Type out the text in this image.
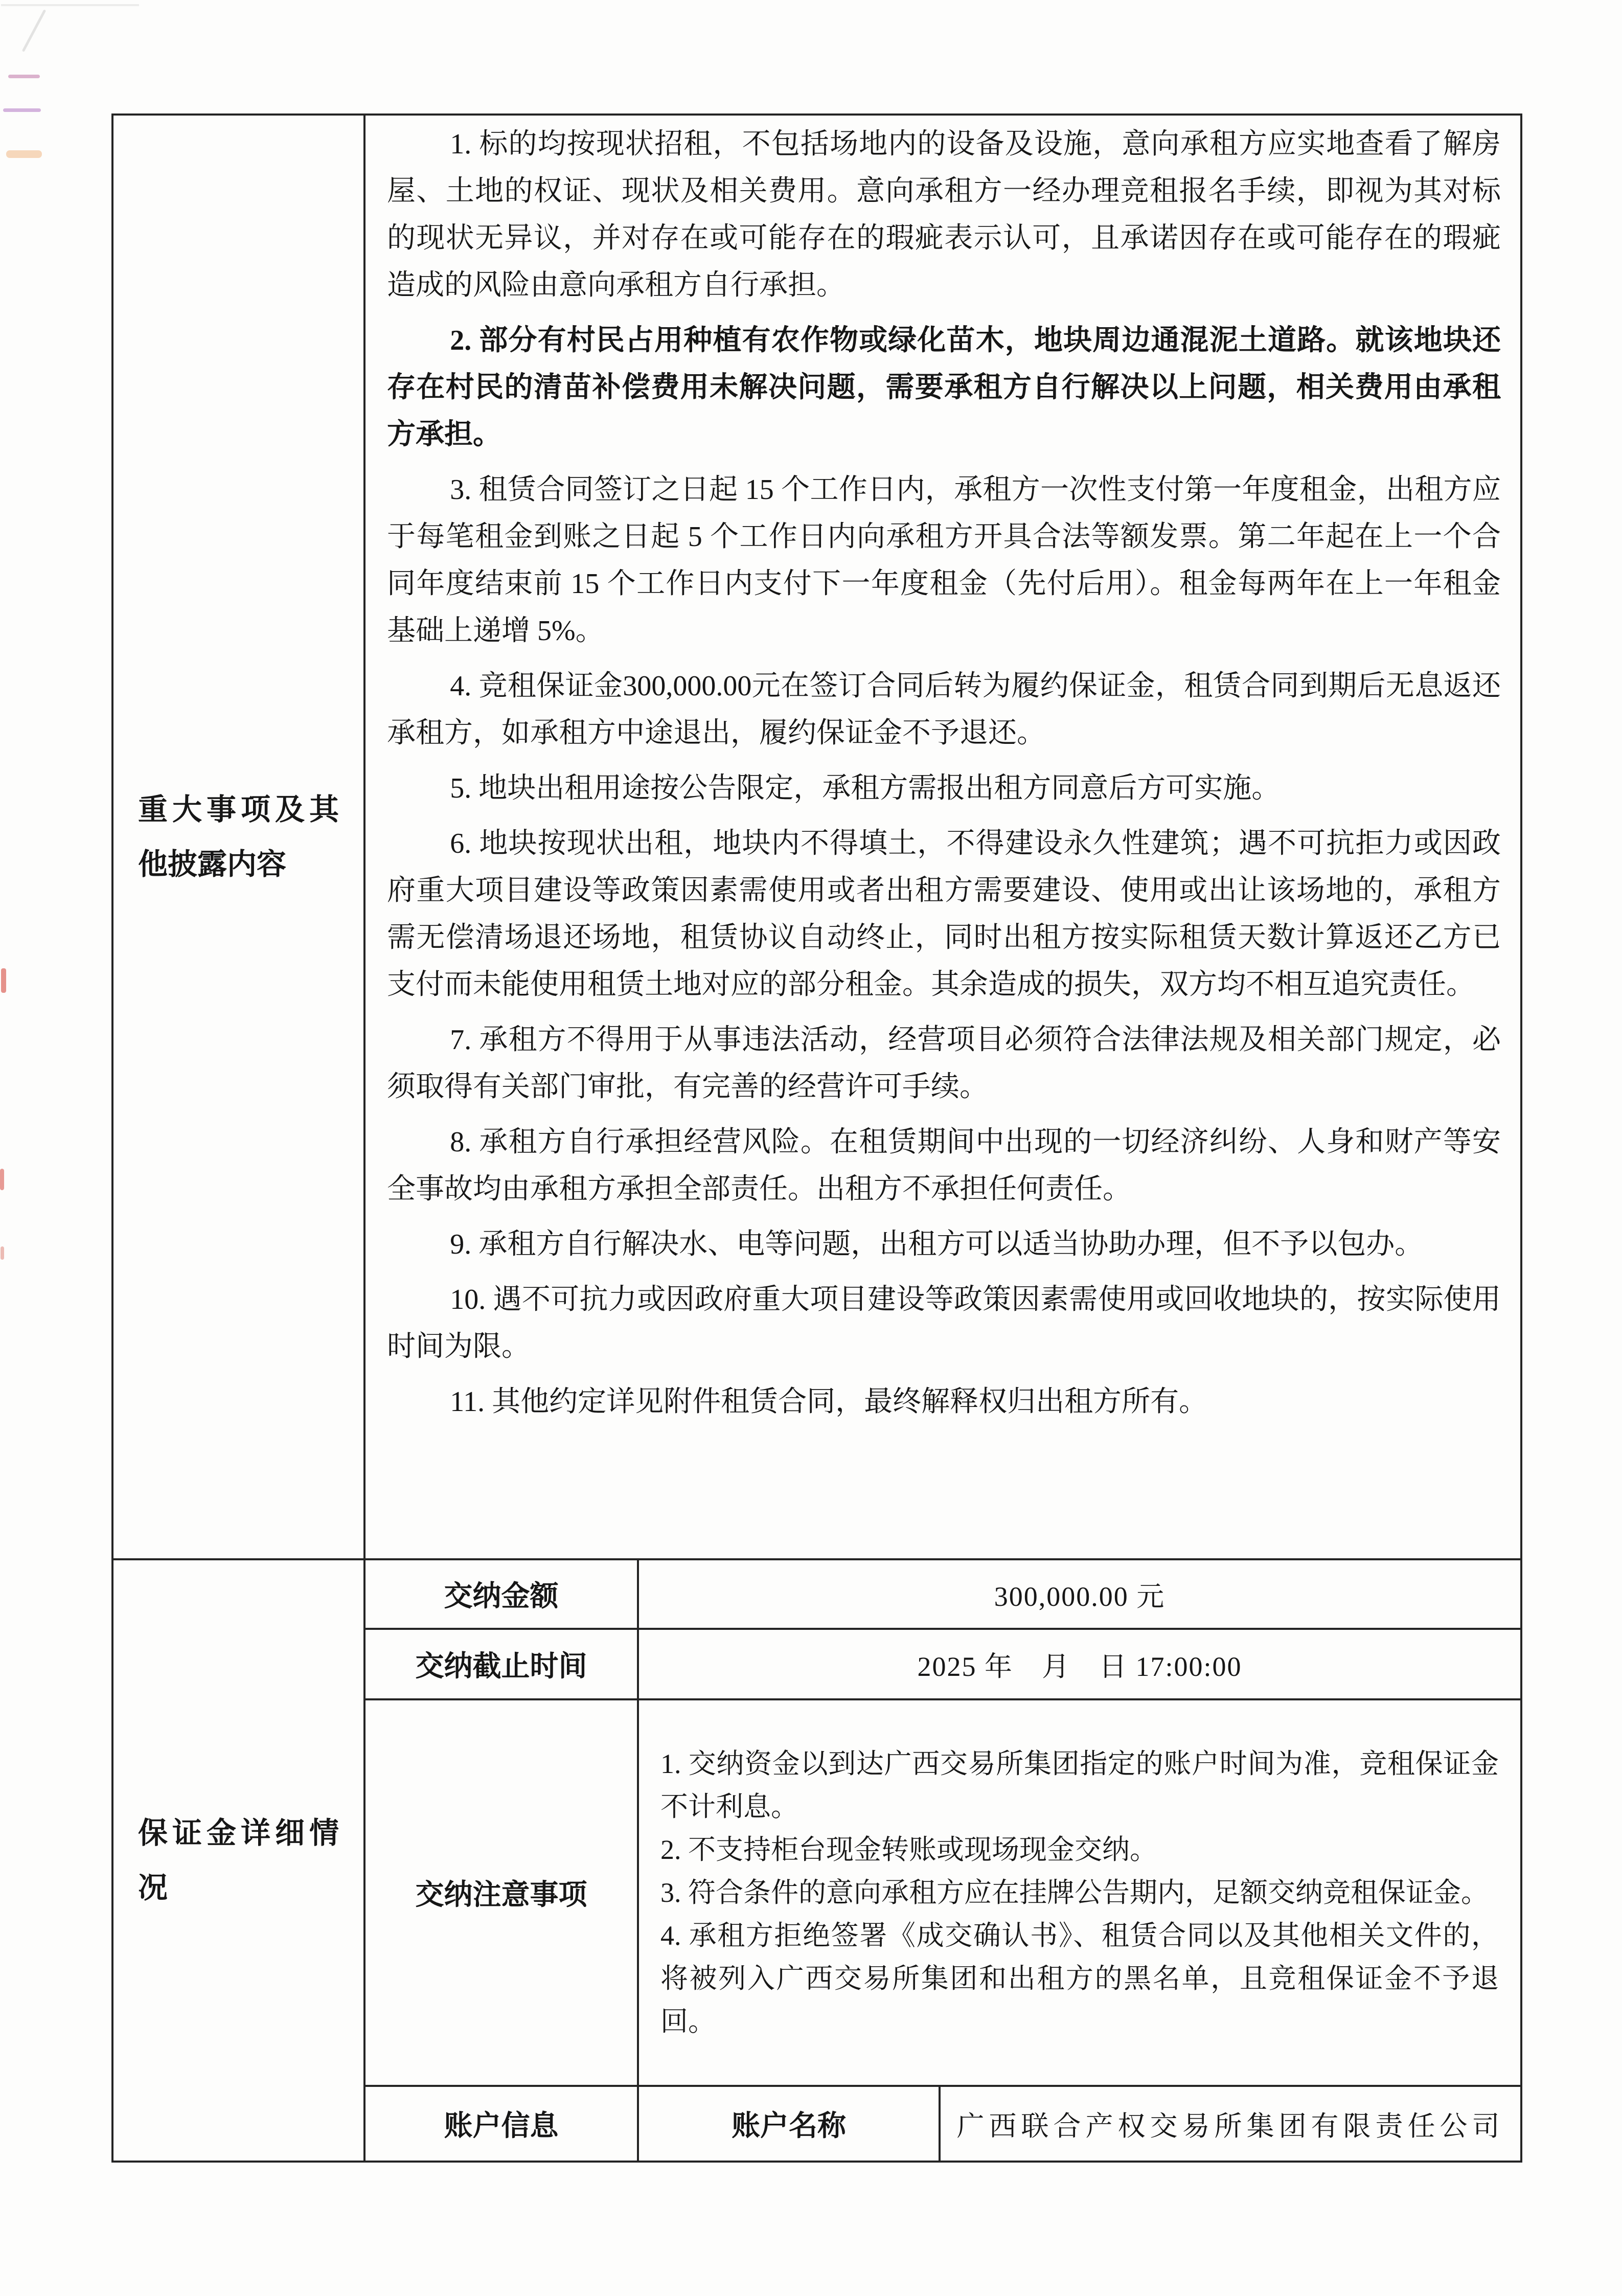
重大事项及其他披露内容

1. 标的均按现状招租，不包括场地内的设备及设施，意向承租方应实地查看了解房屋、土地的权证、现状及相关费用。意向承租方一经办理竞租报名手续，即视为其对标的现状无异议，并对存在或可能存在的瑕疵表示认可，且承诺因存在或可能存在的瑕疵造成的风险由意向承租方自行承担。

2. 部分有村民占用种植有农作物或绿化苗木，地块周边通混泥土道路。就该地块还存在村民的清苗补偿费用未解决问题，需要承租方自行解决以上问题，相关费用由承租方承担。

3. 租赁合同签订之日起 15 个工作日内，承租方一次性支付第一年度租金，出租方应于每笔租金到账之日起 5 个工作日内向承租方开具合法等额发票。第二年起在上一个合同年度结束前 15 个工作日内支付下一年度租金（先付后用）。租金每两年在上一年租金基础上递增 5%。

4. 竞租保证金300,000.00元在签订合同后转为履约保证金，租赁合同到期后无息返还承租方，如承租方中途退出，履约保证金不予退还。

5. 地块出租用途按公告限定，承租方需报出租方同意后方可实施。

6. 地块按现状出租，地块内不得填土，不得建设永久性建筑；遇不可抗拒力或因政府重大项目建设等政策因素需使用或者出租方需要建设、使用或出让该场地的，承租方需无偿清场退还场地，租赁协议自动终止，同时出租方按实际租赁天数计算返还乙方已支付而未能使用租赁土地对应的部分租金。其余造成的损失，双方均不相互追究责任。

7. 承租方不得用于从事违法活动，经营项目必须符合法律法规及相关部门规定，必须取得有关部门审批，有完善的经营许可手续。

8. 承租方自行承担经营风险。在租赁期间中出现的一切经济纠纷、人身和财产等安全事故均由承租方承担全部责任。出租方不承担任何责任。

9. 承租方自行解决水、电等问题，出租方可以适当协助办理，但不予以包办。

10. 遇不可抗力或因政府重大项目建设等政策因素需使用或回收地块的，按实际使用时间为限。

11. 其他约定详见附件租赁合同，最终解释权归出租方所有。

保证金详细情况	交纳金额	300,000.00 元	
	交纳截止时间	2025 年　月　日 17:00:00	
	交纳注意事项	1. 交纳资金以到达广西交易所集团指定的账户时间为准，竞租保证金不计利息。

2. 不支持柜台现金转账或现场现金交纳。

3. 符合条件的意向承租方应在挂牌公告期内，足额交纳竞租保证金。

4. 承租方拒绝签署《成交确认书》、租赁合同以及其他相关文件的，将被列入广西交易所集团和出租方的黑名单，且竞租保证金不予退回。	

	账户信息	账户名称	广西联合产权交易所集团有限责任公司
